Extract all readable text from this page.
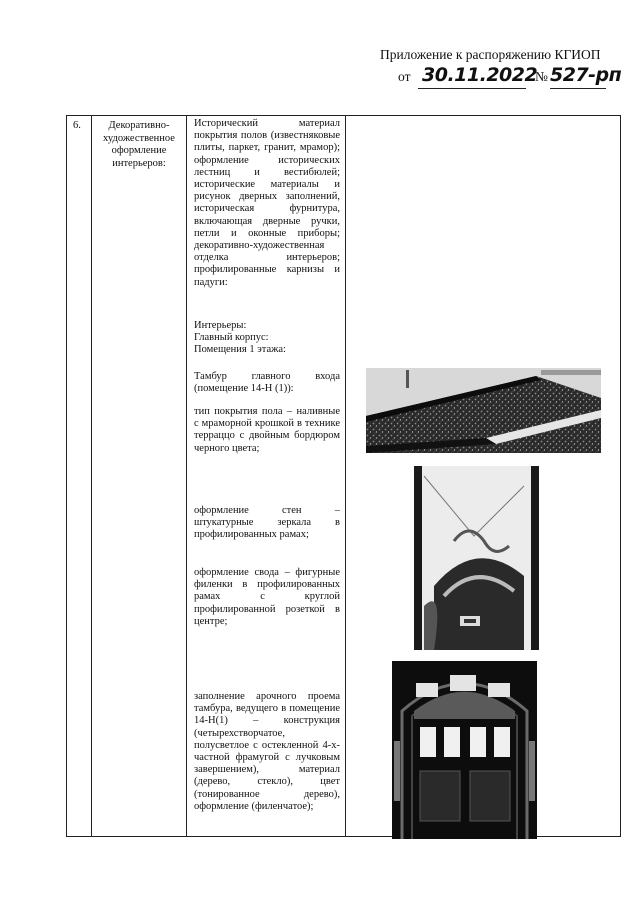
Приложение к распоряжению КГИОП
от 30.11.2022
№ 527-рп
6.	Декоративно-художественное оформление интерьеров:

Исторический материал покрытия полов (известняковые плиты, паркет, гранит, мрамор); оформление исторических лестниц и вестибюлей; исторические материалы и рисунок дверных заполнений, историческая фурнитура, включающая дверные ручки, петли и оконные приборы; декоративно-художественная отделка интерьеров; профилированные карнизы и падуги:
Интерьеры:
Главный корпус:
Помещения 1 этажа:
Тамбур главного входа (помещение 14-Н (1)):
тип покрытия пола – наливные с мраморной крошкой в технике терраццо с двойным бордюром черного цвета;
оформление стен – штукатурные зеркала в профилированных рамах;
оформление свода – фигурные филенки в профилированных рамах с круглой профилированной розеткой в центре;
заполнение арочного проема тамбура, ведущего в помещение 14-Н(1) – конструкция (четырехстворчатое, полусветлое с остекленной 4-х-частной фрамугой с лучковым завершением), материал (дерево, стекло), цвет (тонированное дерево), оформление (филенчатое);
